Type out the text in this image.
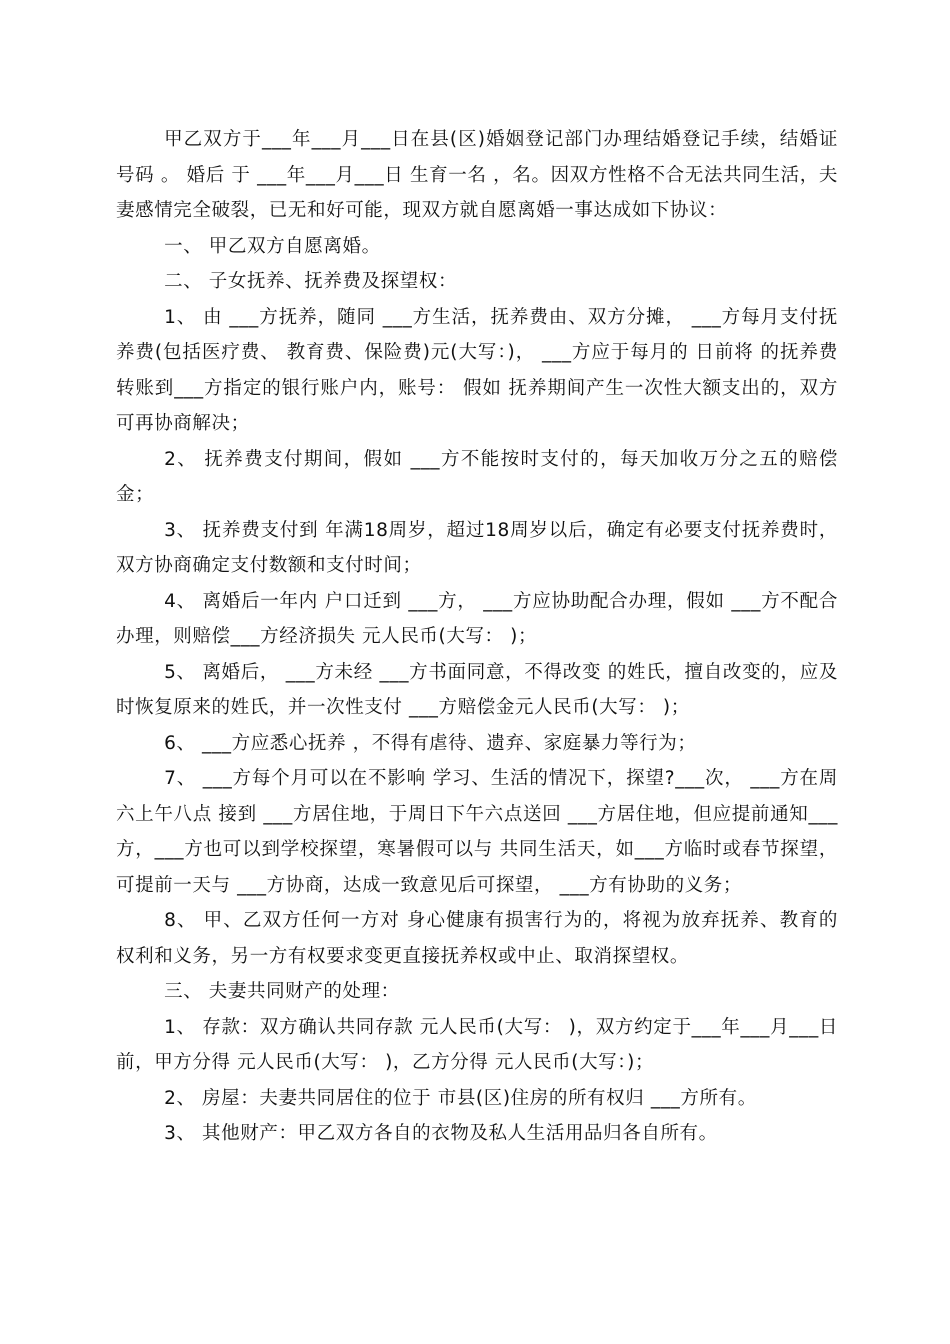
甲乙双方于___年___月___日在县(区)婚姻登记部门办理结婚登记手续，结婚证号码 。 婚后 于 ___年___月___日 生育一名 ，名。因双方性格不合无法共同生活，夫妻感情完全破裂，已无和好可能，现双方就自愿离婚一事达成如下协议：

一、 甲乙双方自愿离婚。

二、 子女抚养、抚养费及探望权：

1、 由 ___方抚养，随同 ___方生活，抚养费由、双方分摊， ___方每月支付抚养费(包括医疗费、 教育费、保险费)元(大写：)， ___方应于每月的 日前将 的抚养费转账到___方指定的银行账户内，账号： 假如 抚养期间产生一次性大额支出的，双方可再协商解决；

2、 抚养费支付期间，假如 ___方不能按时支付的，每天加收万分之五的赔偿金；

3、 抚养费支付到 年满18周岁，超过18周岁以后，确定有必要支付抚养费时，双方协商确定支付数额和支付时间；

4、 离婚后一年内 户口迁到 ___方， ___方应协助配合办理，假如 ___方不配合办理，则赔偿___方经济损失 元人民币(大写： )；

5、 离婚后， ___方未经 ___方书面同意，不得改变 的姓氏，擅自改变的，应及时恢复原来的姓氏，并一次性支付 ___方赔偿金元人民币(大写： )；

6、 ___方应悉心抚养 ，不得有虐待、遗弃、家庭暴力等行为；

7、 ___方每个月可以在不影响 学习、生活的情况下，探望?___次， ___方在周六上午八点 接到 ___方居住地，于周日下午六点送回 ___方居住地，但应提前通知___方，___方也可以到学校探望，寒暑假可以与 共同生活天，如___方临时或春节探望，可提前一天与 ___方协商，达成一致意见后可探望， ___方有协助的义务；

8、 甲、乙双方任何一方对 身心健康有损害行为的，将视为放弃抚养、教育的权利和义务，另一方有权要求变更直接抚养权或中止、取消探望权。

三、 夫妻共同财产的处理：

1、 存款：双方确认共同存款 元人民币(大写： )，双方约定于___年___月___日前，甲方分得 元人民币(大写： )，乙方分得 元人民币(大写：)；

2、 房屋：夫妻共同居住的位于 市县(区)住房的所有权归 ___方所有。

3、 其他财产：甲乙双方各自的衣物及私人生活用品归各自所有。
